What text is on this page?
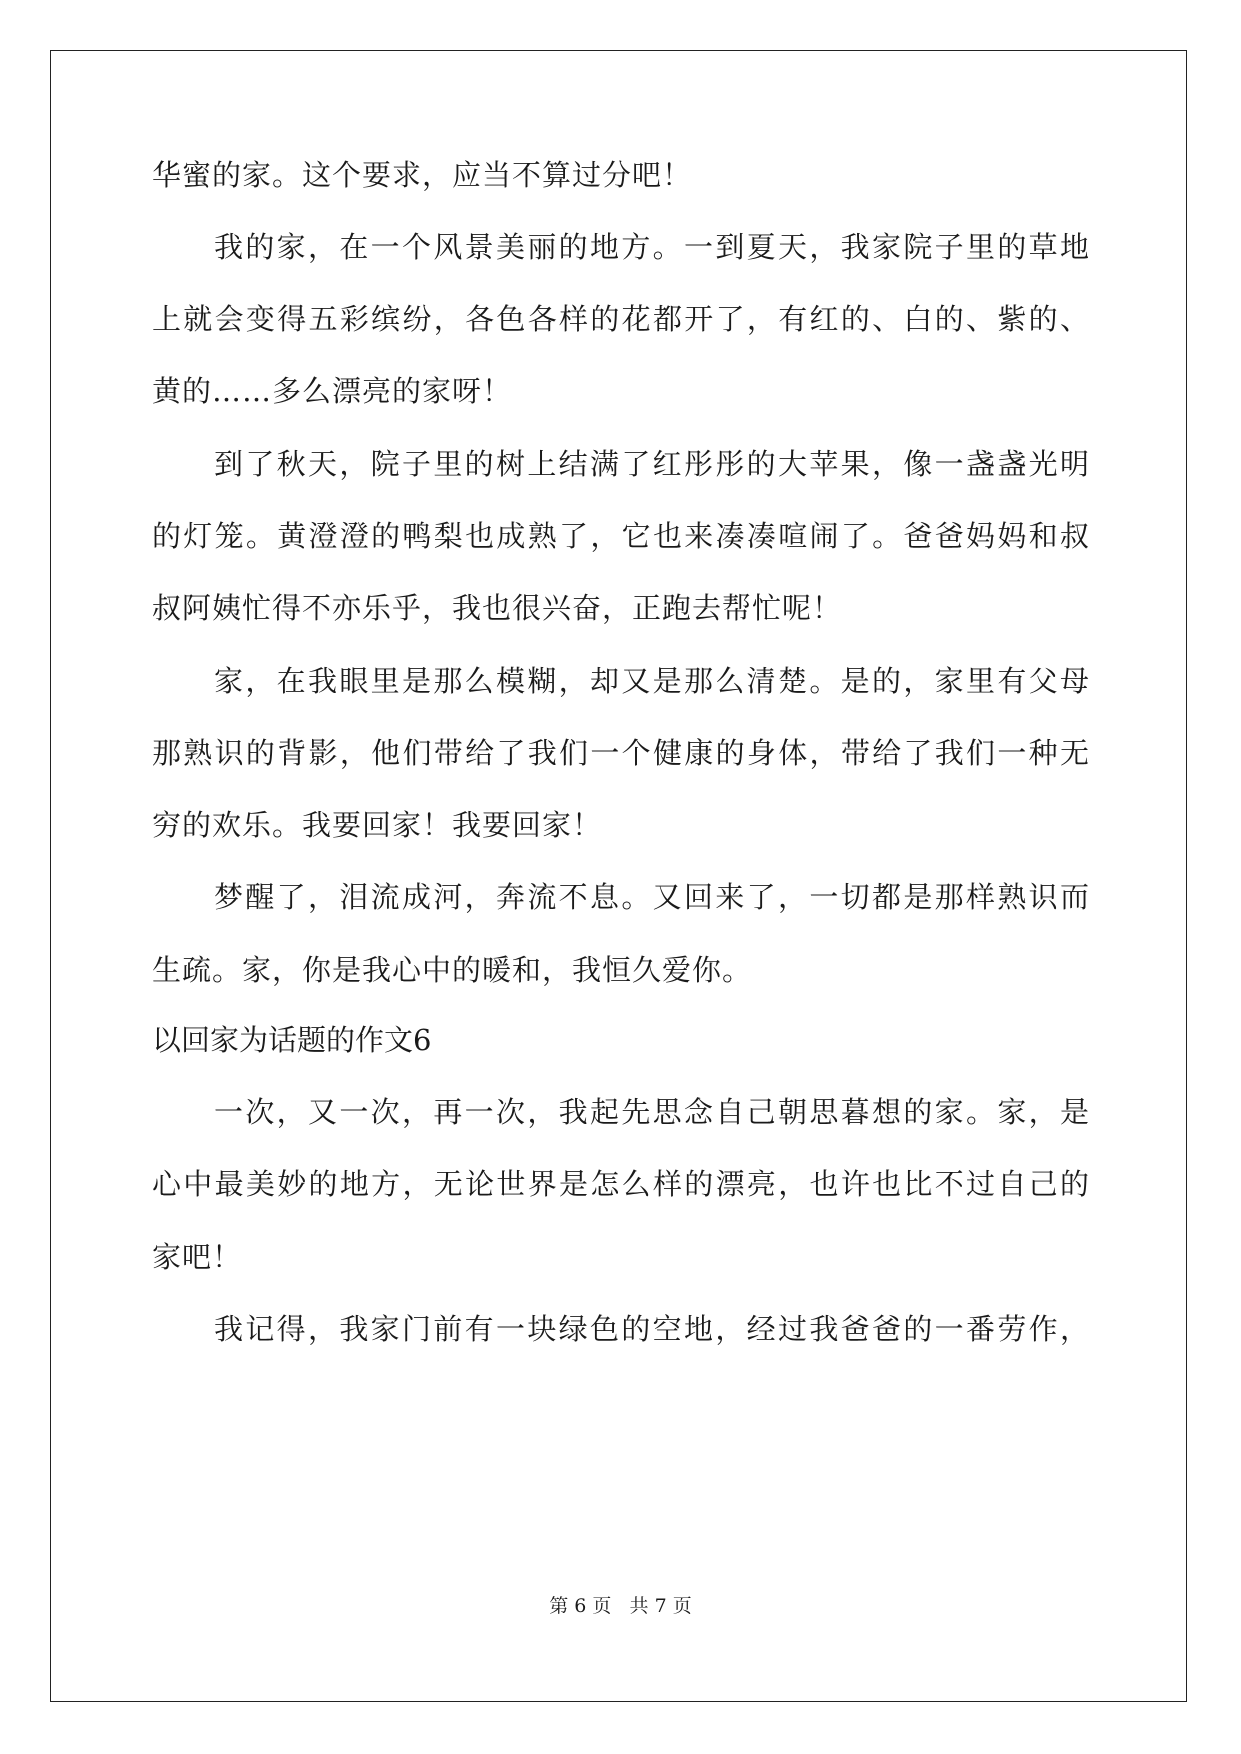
华蜜的家。这个要求，应当不算过分吧！
我的家，在一个风景美丽的地方。一到夏天，我家院子里的草地
上就会变得五彩缤纷，各色各样的花都开了，有红的、白的、紫的、
黄的……多么漂亮的家呀！
到了秋天，院子里的树上结满了红彤彤的大苹果，像一盏盏光明
的灯笼。黄澄澄的鸭梨也成熟了，它也来凑凑喧闹了。爸爸妈妈和叔
叔阿姨忙得不亦乐乎，我也很兴奋，正跑去帮忙呢！
家，在我眼里是那么模糊，却又是那么清楚。是的，家里有父母
那熟识的背影，他们带给了我们一个健康的身体，带给了我们一种无
穷的欢乐。我要回家！我要回家！
梦醒了，泪流成河，奔流不息。又回来了，一切都是那样熟识而
生疏。家，你是我心中的暖和，我恒久爱你。
以回家为话题的作文6
一次，又一次，再一次，我起先思念自己朝思暮想的家。家，是
心中最美妙的地方，无论世界是怎么样的漂亮，也许也比不过自己的
家吧！
我记得，我家门前有一块绿色的空地，经过我爸爸的一番劳作，
第 6 页   共 7 页
